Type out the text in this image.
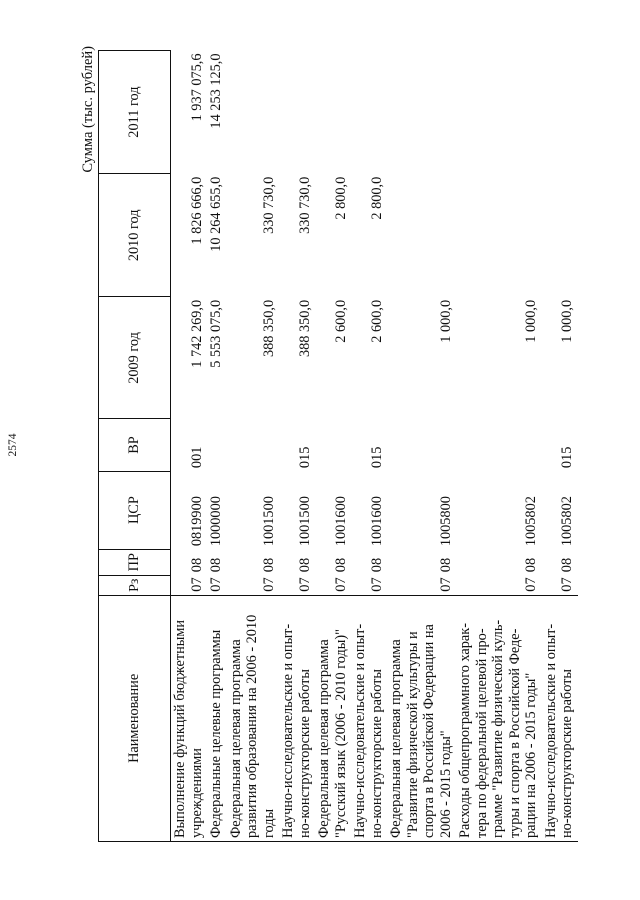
2574
Сумма (тыс. рублей)
Наименование	Рз	ПР	ЦСР	ВР	2009 год	2010 год	2011 год

Выполнение функций бюджетными учреждениями	07	08	0819900	001	1 742 269,0	1 826 666,0	1 937 075,6

Федеральные целевые программы	07	08	1000000		5 553 075,0	10 264 655,0	14 253 125,0

Федеральная целевая программа развития образования на 2006 - 2010 годы	07	08	1001500		388 350,0	330 730,0	

Научно-исследовательские и опыт- но-конструкторские работы	07	08	1001500	015	388 350,0	330 730,0	

Федеральная целевая программа "Русский язык (2006 - 2010 годы)"	07	08	1001600		2 600,0	2 800,0	

Научно-исследовательские и опыт- но-конструкторские работы	07	08	1001600	015	2 600,0	2 800,0	

Федеральная целевая программа "Развитие физической культуры и спорта в Российской Федерации на 2006 - 2015 годы"	07	08	1005800		1 000,0		

Расходы общепрограммного харак- тера по федеральной целевой про- грамме "Развитие физической куль- туры и спорта в Российской Феде- рации на 2006 - 2015 годы"	07	08	1005802		1 000,0		

Научно-исследовательские и опыт- но-конструкторские работы	07	08	1005802	015	1 000,0		
